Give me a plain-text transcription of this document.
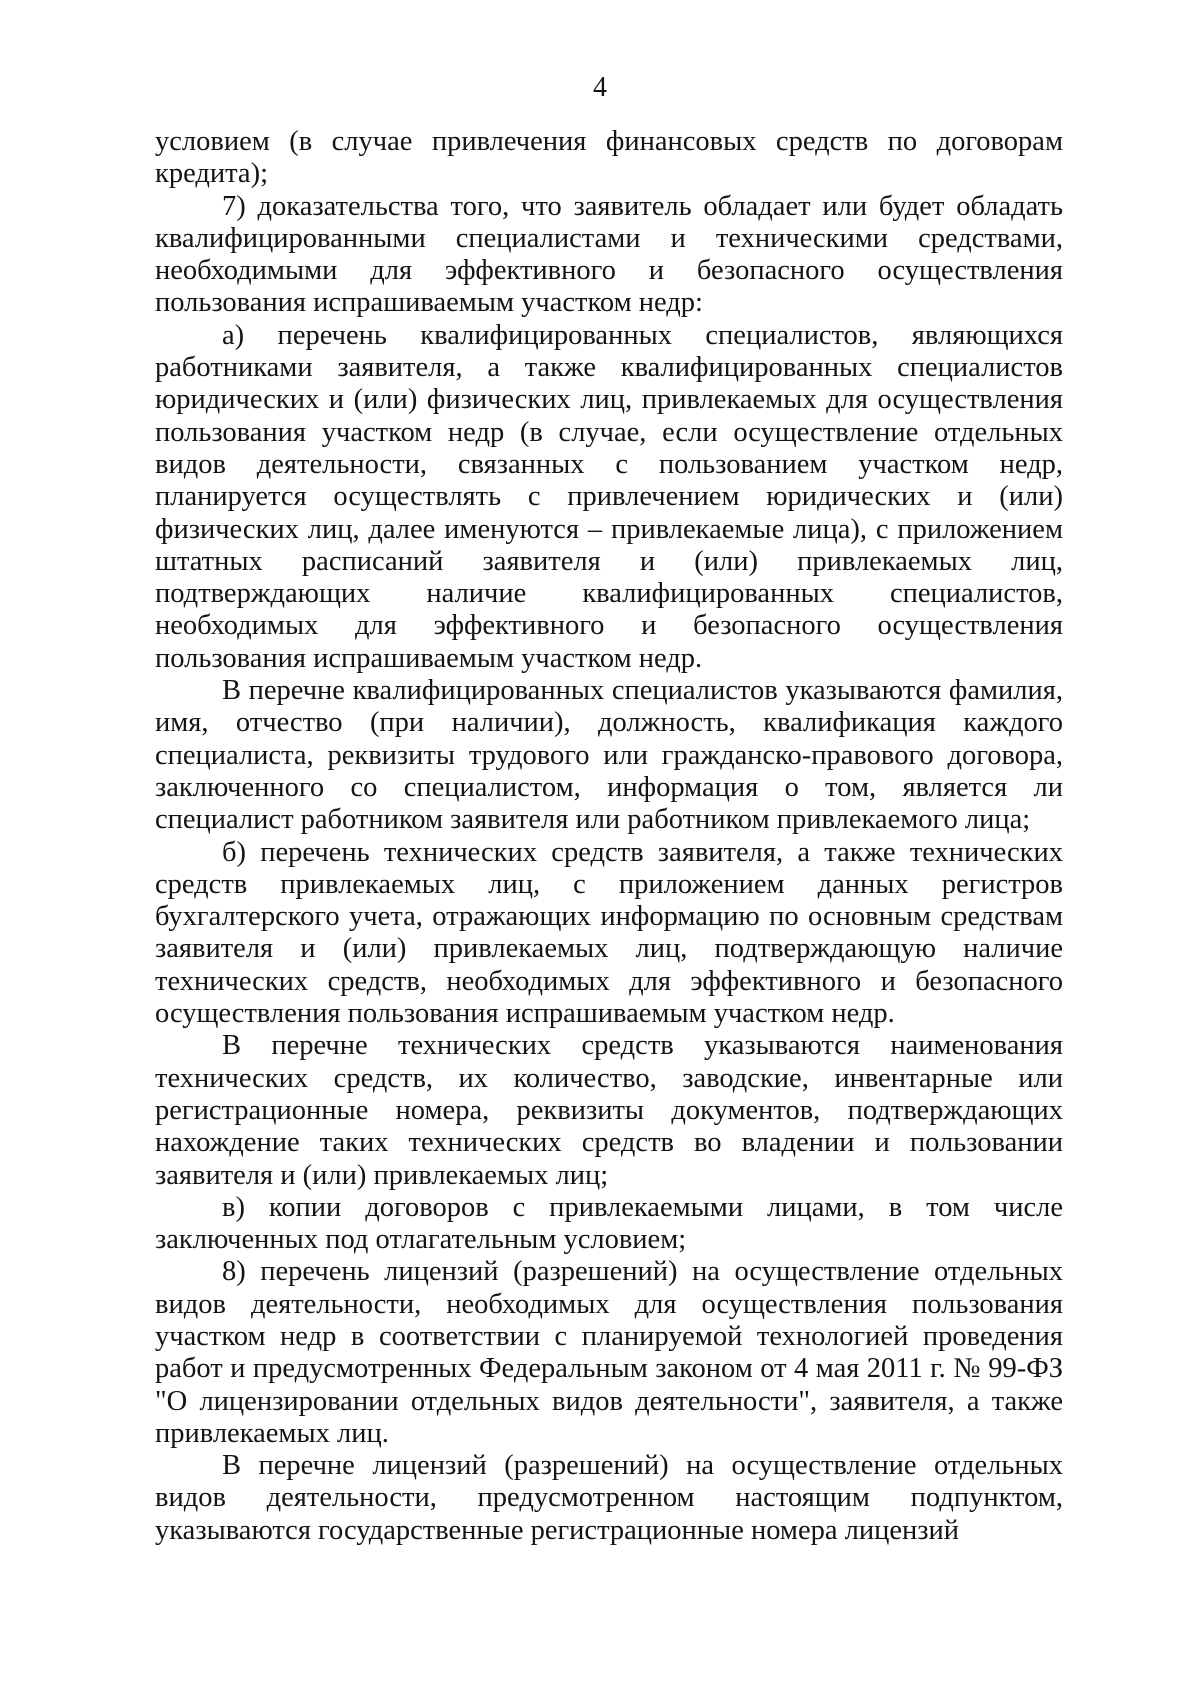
4

условием (в случае привлечения финансовых средств по договорам кредита);

7) доказательства того, что заявитель обладает или будет обладать квалифицированными специалистами и техническими средствами, необходимыми для эффективного и безопасного осуществления пользования испрашиваемым участком недр:

а) перечень квалифицированных специалистов, являющихся работниками заявителя, а также квалифицированных специалистов юридических и (или) физических лиц, привлекаемых для осуществления пользования участком недр (в случае, если осуществление отдельных видов деятельности, связанных с пользованием участком недр, планируется осуществлять с привлечением юридических и (или) физических лиц, далее именуются – привлекаемые лица), с приложением штатных расписаний заявителя и (или) привлекаемых лиц, подтверждающих наличие квалифицированных специалистов, необходимых для эффективного и безопасного осуществления пользования испрашиваемым участком недр.

В перечне квалифицированных специалистов указываются фамилия, имя, отчество (при наличии), должность, квалификация каждого специалиста, реквизиты трудового или гражданско-правового договора, заключенного со специалистом, информация о том, является ли специалист работником заявителя или работником привлекаемого лица;

б) перечень технических средств заявителя, а также технических средств привлекаемых лиц, с приложением данных регистров бухгалтерского учета, отражающих информацию по основным средствам заявителя и (или) привлекаемых лиц, подтверждающую наличие технических средств, необходимых для эффективного и безопасного осуществления пользования испрашиваемым участком недр.

В перечне технических средств указываются наименования технических средств, их количество, заводские, инвентарные или регистрационные номера, реквизиты документов, подтверждающих нахождение таких технических средств во владении и пользовании заявителя и (или) привлекаемых лиц;

в) копии договоров с привлекаемыми лицами, в том числе заключенных под отлагательным условием;

8) перечень лицензий (разрешений) на осуществление отдельных видов деятельности, необходимых для осуществления пользования участком недр в соответствии с планируемой технологией проведения работ и предусмотренных Федеральным законом от 4 мая 2011 г. № 99-ФЗ "О лицензировании отдельных видов деятельности", заявителя, а также привлекаемых лиц.

В перечне лицензий (разрешений) на осуществление отдельных видов деятельности, предусмотренном настоящим подпунктом, указываются государственные регистрационные номера лицензий
